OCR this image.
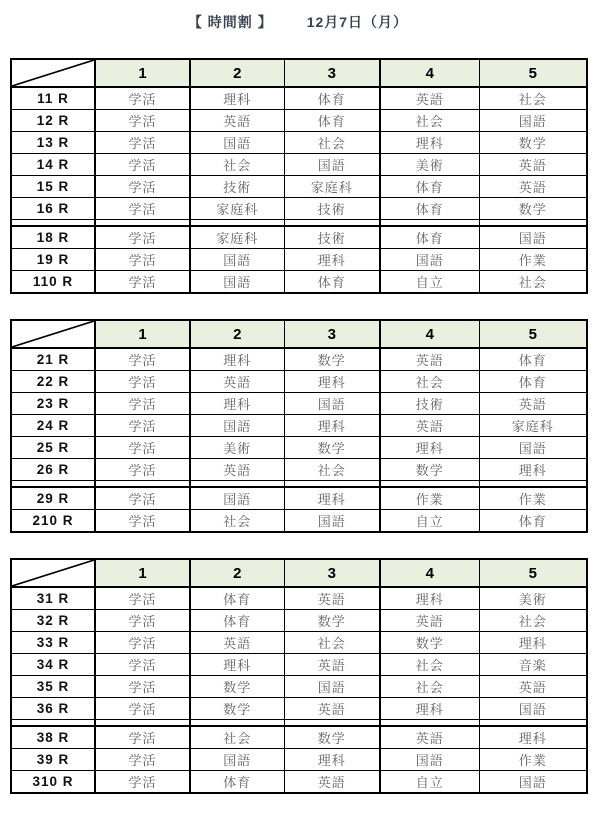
【 時間割 】 12月7日（月）
	1	2	3	4	5
11 R	学活	理科	体育	英語	社会
12 R	学活	英語	体育	社会	国語
13 R	学活	国語	社会	理科	数学
14 R	学活	社会	国語	美術	英語
15 R	学活	技術	家庭科	体育	英語
16 R	学活	家庭科	技術	体育	数学

18 R	学活	家庭科	技術	体育	国語
19 R	学活	国語	理科	国語	作業
110 R	学活	国語	体育	自立	社会
	1	2	3	4	5
21 R	学活	理科	数学	英語	体育
22 R	学活	英語	理科	社会	体育
23 R	学活	理科	国語	技術	英語
24 R	学活	国語	理科	英語	家庭科
25 R	学活	美術	数学	理科	国語
26 R	学活	英語	社会	数学	理科

29 R	学活	国語	理科	作業	作業
210 R	学活	社会	国語	自立	体育
	1	2	3	4	5
31 R	学活	体育	英語	理科	美術
32 R	学活	体育	数学	英語	社会
33 R	学活	英語	社会	数学	理科
34 R	学活	理科	英語	社会	音楽
35 R	学活	数学	国語	社会	英語
36 R	学活	数学	英語	理科	国語

38 R	学活	社会	数学	英語	理科
39 R	学活	国語	理科	国語	作業
310 R	学活	体育	英語	自立	国語
